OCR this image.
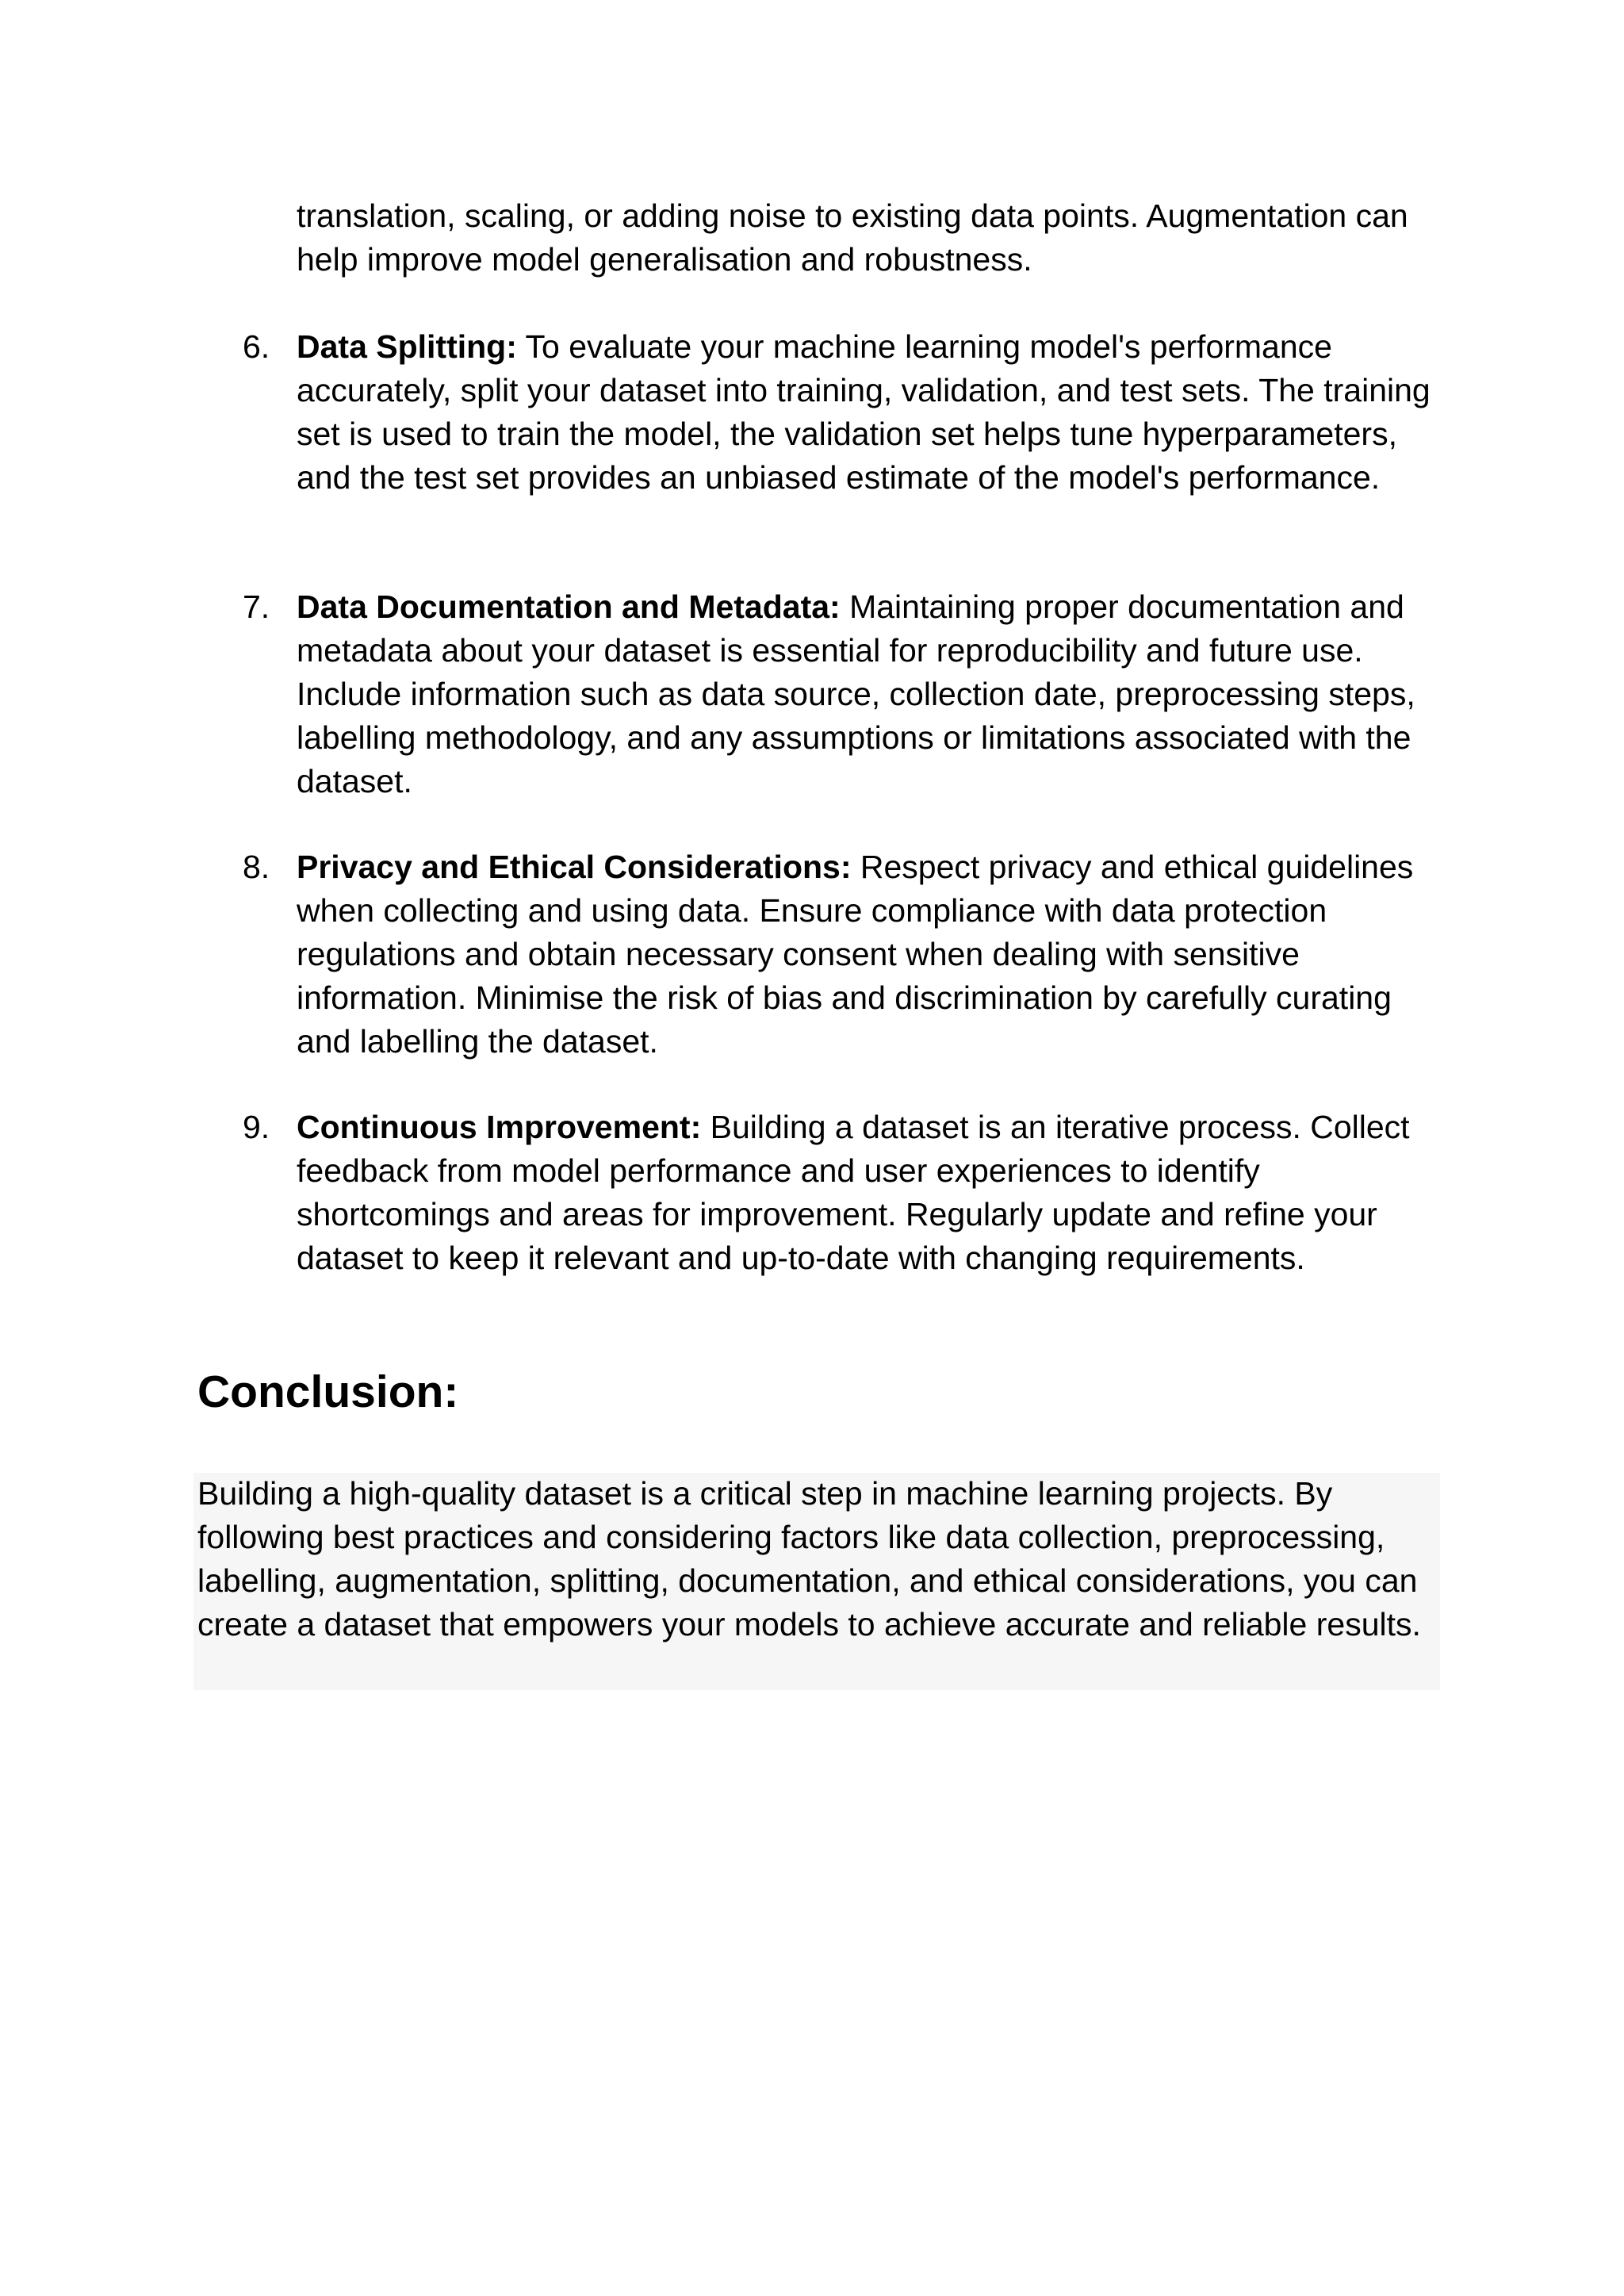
translation, scaling, or adding noise to existing data points. Augmentation can help improve model generalisation and robustness.

6. Data Splitting: To evaluate your machine learning model's performance accurately, split your dataset into training, validation, and test sets. The training set is used to train the model, the validation set helps tune hyperparameters, and the test set provides an unbiased estimate of the model's performance.
7. Data Documentation and Metadata: Maintaining proper documentation and metadata about your dataset is essential for reproducibility and future use. Include information such as data source, collection date, preprocessing steps, labelling methodology, and any assumptions or limitations associated with the dataset.
8. Privacy and Ethical Considerations: Respect privacy and ethical guidelines when collecting and using data. Ensure compliance with data protection regulations and obtain necessary consent when dealing with sensitive information. Minimise the risk of bias and discrimination by carefully curating and labelling the dataset.
9. Continuous Improvement: Building a dataset is an iterative process. Collect feedback from model performance and user experiences to identify shortcomings and areas for improvement. Regularly update and refine your dataset to keep it relevant and up-to-date with changing requirements.
Conclusion:

Building a high-quality dataset is a critical step in machine learning projects. By following best practices and considering factors like data collection, preprocessing, labelling, augmentation, splitting, documentation, and ethical considerations, you can create a dataset that empowers your models to achieve accurate and reliable results.
